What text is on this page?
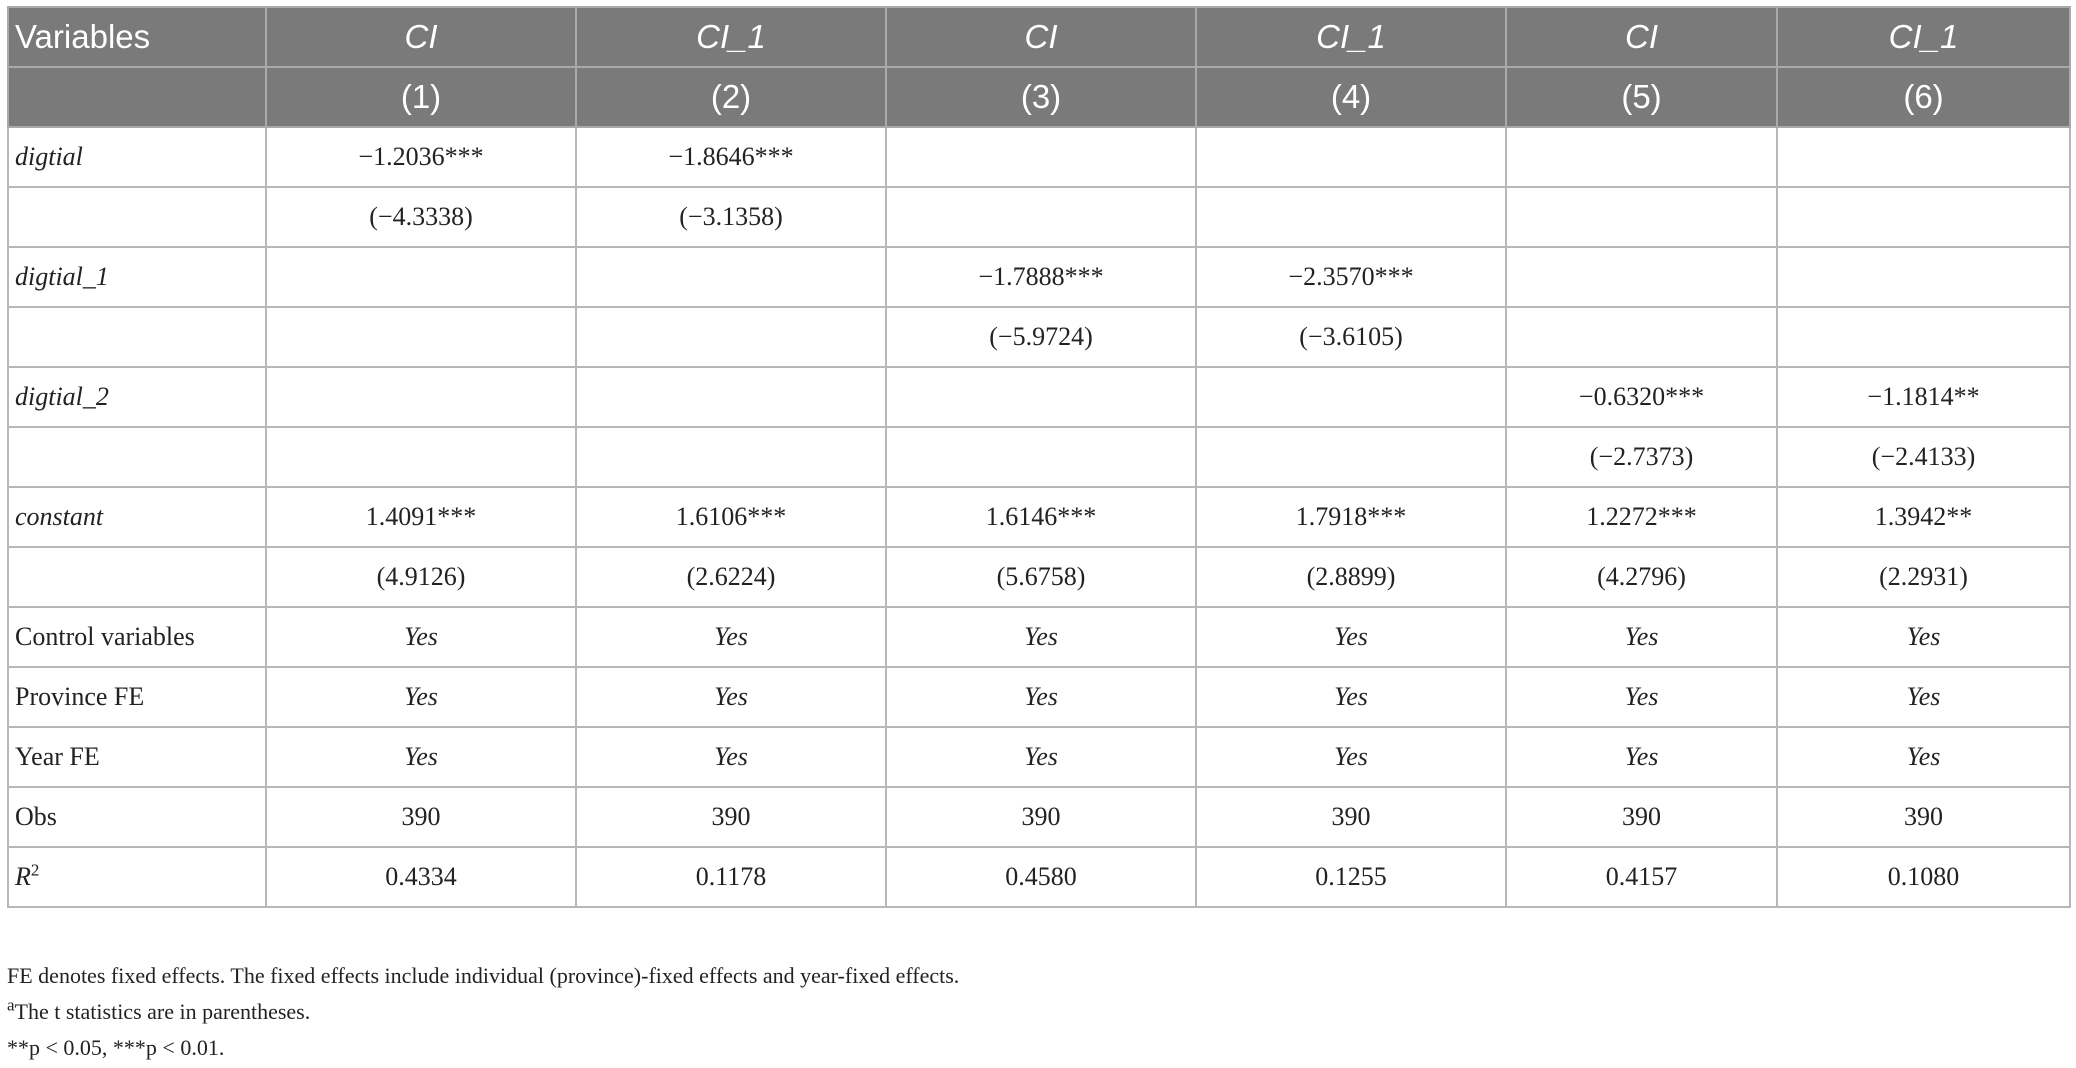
Variables	CI	CI_1	CI	CI_1	CI	CI_1
	(1)	(2)	(3)	(4)	(5)	(6)
digtial	−1.2036***	−1.8646***				
	(−4.3338)	(−3.1358)				
digtial_1			−1.7888***	−2.3570***		
			(−5.9724)	(−3.6105)		
digtial_2					−0.6320***	−1.1814**
					(−2.7373)	(−2.4133)
constant	1.4091***	1.6106***	1.6146***	1.7918***	1.2272***	1.3942**
	(4.9126)	(2.6224)	(5.6758)	(2.8899)	(4.2796)	(2.2931)
Control variables	Yes	Yes	Yes	Yes	Yes	Yes
Province FE	Yes	Yes	Yes	Yes	Yes	Yes
Year FE	Yes	Yes	Yes	Yes	Yes	Yes
Obs	390	390	390	390	390	390
$R^2$	0.4334	0.1178	0.4580	0.1255	0.4157	0.1080
FE denotes fixed effects. The fixed effects include individual (province)-fixed effects and year-fixed effects.
$^a$The t statistics are in parentheses.
**p < 0.05, ***p < 0.01.
